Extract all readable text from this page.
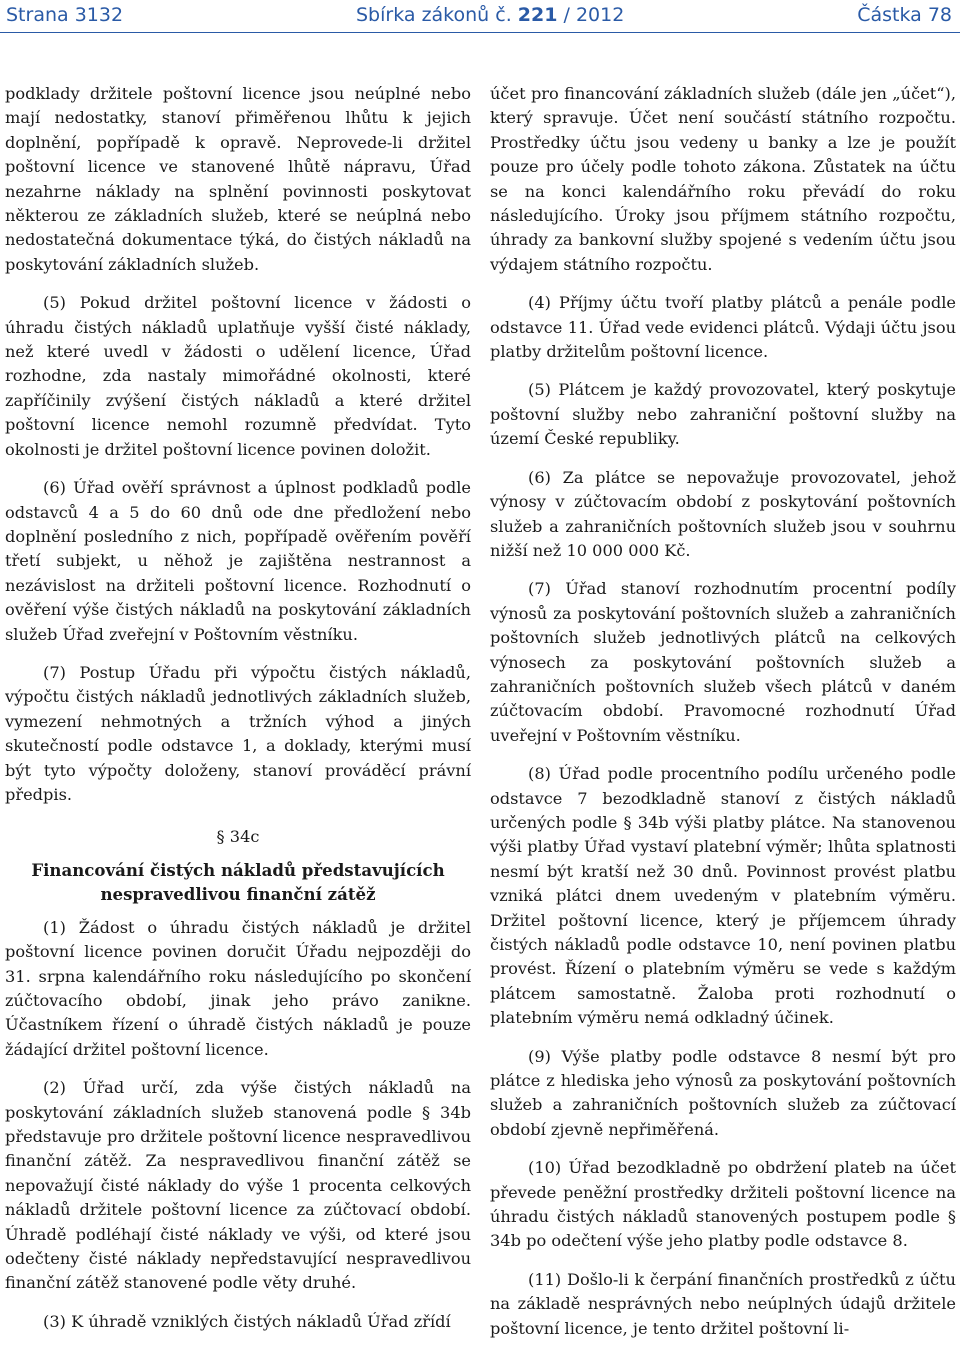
Strana 3132	Sbírka zákonů č. 221 / 2012	Částka 78

podklady držitele poštovní licence jsou neúplné nebo mají nedostatky, stanoví přiměřenou lhůtu k jejich doplnění, popřípadě k opravě. Neprovede-li držitel poštovní licence ve stanovené lhůtě nápravu, Úřad nezahrne náklady na splnění povinnosti poskytovat některou ze základních služeb, které se neúplná nebo nedostatečná dokumentace týká, do čistých nákladů na poskytování základních služeb.

(5) Pokud držitel poštovní licence v žádosti o úhradu čistých nákladů uplatňuje vyšší čisté náklady, než které uvedl v žádosti o udělení licence, Úřad rozhodne, zda nastaly mimořádné okolnosti, které zapříčinily zvýšení čistých nákladů a které držitel poštovní licence nemohl rozumně předvídat. Tyto okolnosti je držitel poštovní licence povinen doložit.

(6) Úřad ověří správnost a úplnost podkladů podle odstavců 4 a 5 do 60 dnů ode dne předložení nebo doplnění posledního z nich, popřípadě ověřením pověří třetí subjekt, u něhož je zajištěna nestrannost a nezávislost na držiteli poštovní licence. Rozhodnutí o ověření výše čistých nákladů na poskytování základních služeb Úřad zveřejní v Poštovním věstníku.

(7) Postup Úřadu při výpočtu čistých nákladů, výpočtu čistých nákladů jednotlivých základních služeb, vymezení nehmotných a tržních výhod a jiných skutečností podle odstavce 1, a doklady, kterými musí být tyto výpočty doloženy, stanoví prováděcí právní předpis.

§ 34c

Financování čistých nákladů představujících nespravedlivou finanční zátěž

(1) Žádost o úhradu čistých nákladů je držitel poštovní licence povinen doručit Úřadu nejpozději do 31. srpna kalendářního roku následujícího po skončení zúčtovacího období, jinak jeho právo zanikne. Účastníkem řízení o úhradě čistých nákladů je pouze žádající držitel poštovní licence.

(2) Úřad určí, zda výše čistých nákladů na poskytování základních služeb stanovená podle § 34b představuje pro držitele poštovní licence nespravedlivou finanční zátěž. Za nespravedlivou finanční zátěž se nepovažují čisté náklady do výše 1 procenta celkových nákladů držitele poštovní licence za zúčtovací období. Úhradě podléhají čisté náklady ve výši, od které jsou odečteny čisté náklady nepředstavující nespravedlivou finanční zátěž stanovené podle věty druhé.

(3) K úhradě vzniklých čistých nákladů Úřad zřídí

účet pro financování základních služeb (dále jen „účet“), který spravuje. Účet není součástí státního rozpočtu. Prostředky účtu jsou vedeny u banky a lze je použít pouze pro účely podle tohoto zákona. Zůstatek na účtu se na konci kalendářního roku převádí do roku následujícího. Úroky jsou příjmem státního rozpočtu, úhrady za bankovní služby spojené s vedením účtu jsou výdajem státního rozpočtu.

(4) Příjmy účtu tvoří platby plátců a penále podle odstavce 11. Úřad vede evidenci plátců. Výdaji účtu jsou platby držitelům poštovní licence.

(5) Plátcem je každý provozovatel, který poskytuje poštovní služby nebo zahraniční poštovní služby na území České republiky.

(6) Za plátce se nepovažuje provozovatel, jehož výnosy v zúčtovacím období z poskytování poštovních služeb a zahraničních poštovních služeb jsou v souhrnu nižší než 10 000 000 Kč.

(7) Úřad stanoví rozhodnutím procentní podíly výnosů za poskytování poštovních služeb a zahraničních poštovních služeb jednotlivých plátců na celkových výnosech za poskytování poštovních služeb a zahraničních poštovních služeb všech plátců v daném zúčtovacím období. Pravomocné rozhodnutí Úřad uveřejní v Poštovním věstníku.

(8) Úřad podle procentního podílu určeného podle odstavce 7 bezodkladně stanoví z čistých nákladů určených podle § 34b výši platby plátce. Na stanovenou výši platby Úřad vystaví platební výměr; lhůta splatnosti nesmí být kratší než 30 dnů. Povinnost provést platbu vzniká plátci dnem uvedeným v platebním výměru. Držitel poštovní licence, který je příjemcem úhrady čistých nákladů podle odstavce 10, není povinen platbu provést. Řízení o platebním výměru se vede s každým plátcem samostatně. Žaloba proti rozhodnutí o platebním výměru nemá odkladný účinek.

(9) Výše platby podle odstavce 8 nesmí být pro plátce z hlediska jeho výnosů za poskytování poštovních služeb a zahraničních poštovních služeb za zúčtovací období zjevně nepřiměřená.

(10) Úřad bezodkladně po obdržení plateb na účet převede peněžní prostředky držiteli poštovní licence na úhradu čistých nákladů stanovených postupem podle § 34b po odečtení výše jeho platby podle odstavce 8.

(11) Došlo-li k čerpání finančních prostředků z účtu na základě nesprávných nebo neúplných údajů držitele poštovní licence, je tento držitel poštovní li-
